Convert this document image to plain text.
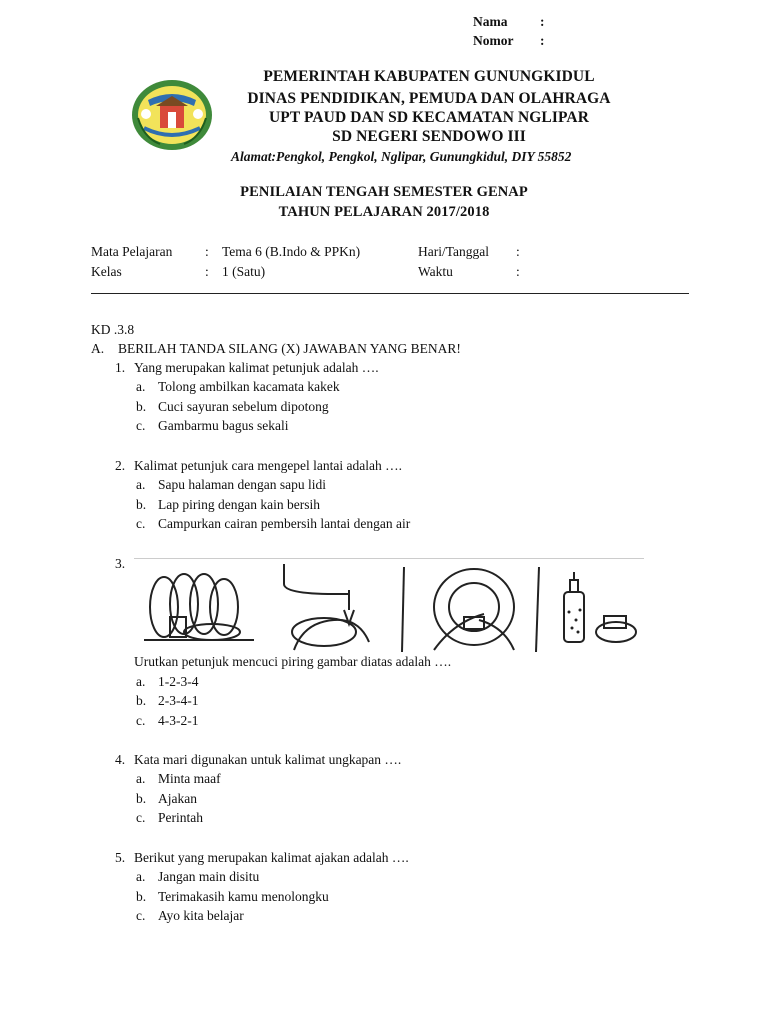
Nama :
Nomor :
PEMERINTAH KABUPATEN GUNUNGKIDUL
DINAS PENDIDIKAN, PEMUDA DAN OLAHRAGA
UPT PAUD DAN SD KECAMATAN NGLIPAR
SD NEGERI SENDOWO III
Alamat:Pengkol, Pengkol, Nglipar, Gunungkidul, DIY 55852
PENILAIAN TENGAH SEMESTER GENAP
TAHUN PELAJARAN 2017/2018
Mata Pelajaran : Tema 6 (B.Indo & PPKn)	Hari/Tanggal :
Kelas	: 1 (Satu)	Waktu	:
KD .3.8
A. BERILAH TANDA SILANG (X) JAWABAN YANG BENAR!
1. Yang merupakan kalimat petunjuk adalah ….
a. Tolong ambilkan kacamata kakek
b. Cuci sayuran sebelum dipotong
c. Gambarmu bagus sekali
2. Kalimat petunjuk cara mengepel lantai adalah ….
a. Sapu halaman dengan sapu lidi
b. Lap piring dengan kain bersih
c. Campurkan cairan pembersih lantai dengan air
3.
Urutkan petunjuk mencuci piring gambar diatas adalah ….
a. 1-2-3-4
b. 2-3-4-1
c. 4-3-2-1
4. Kata mari digunakan untuk kalimat ungkapan ….
a. Minta maaf
b. Ajakan
c. Perintah
5. Berikut yang merupakan kalimat ajakan adalah ….
a. Jangan main disitu
b. Terimakasih kamu menolongku
c. Ayo kita belajar
